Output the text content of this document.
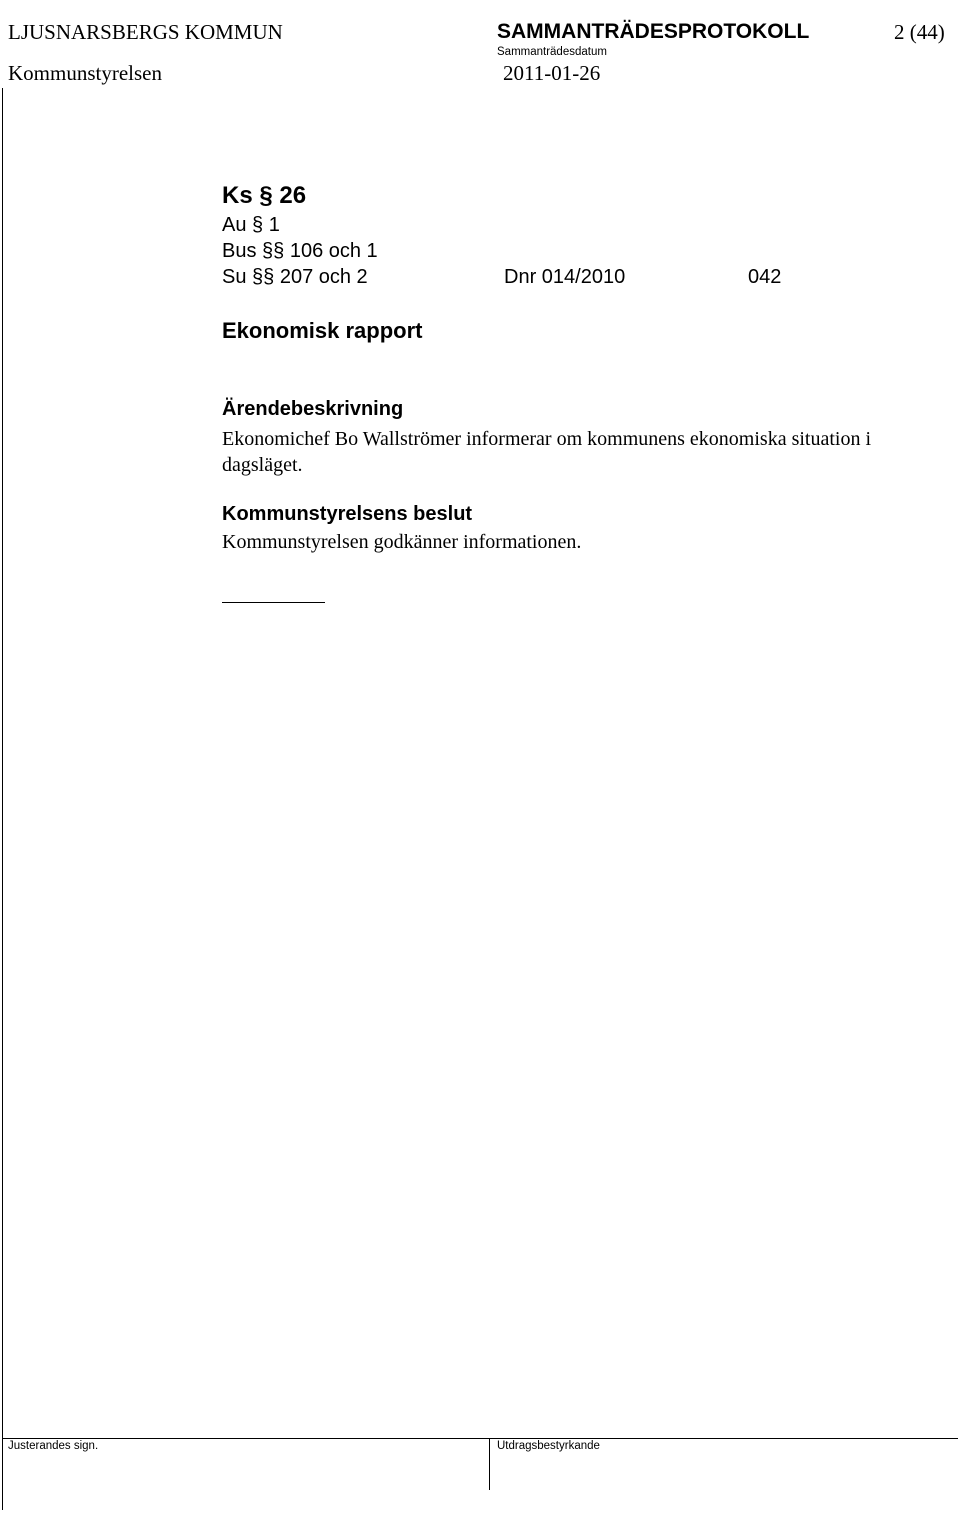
LJUSNARSBERGS KOMMUN	SAMMANTRÄDESPROTOKOLL	2 (44)
Sammanträdesdatum
Kommunstyrelsen	2011-01-26
Ks § 26
Au § 1
Bus §§ 106 och 1
Su §§ 207 och 2	Dnr 014/2010	042
Ekonomisk rapport
Ärendebeskrivning
Ekonomichef Bo Wallströmer informerar om kommunens ekonomiska situation i dagsläget.
Kommunstyrelsens beslut
Kommunstyrelsen godkänner informationen.
Justerandes sign.	Utdragsbestyrkande
